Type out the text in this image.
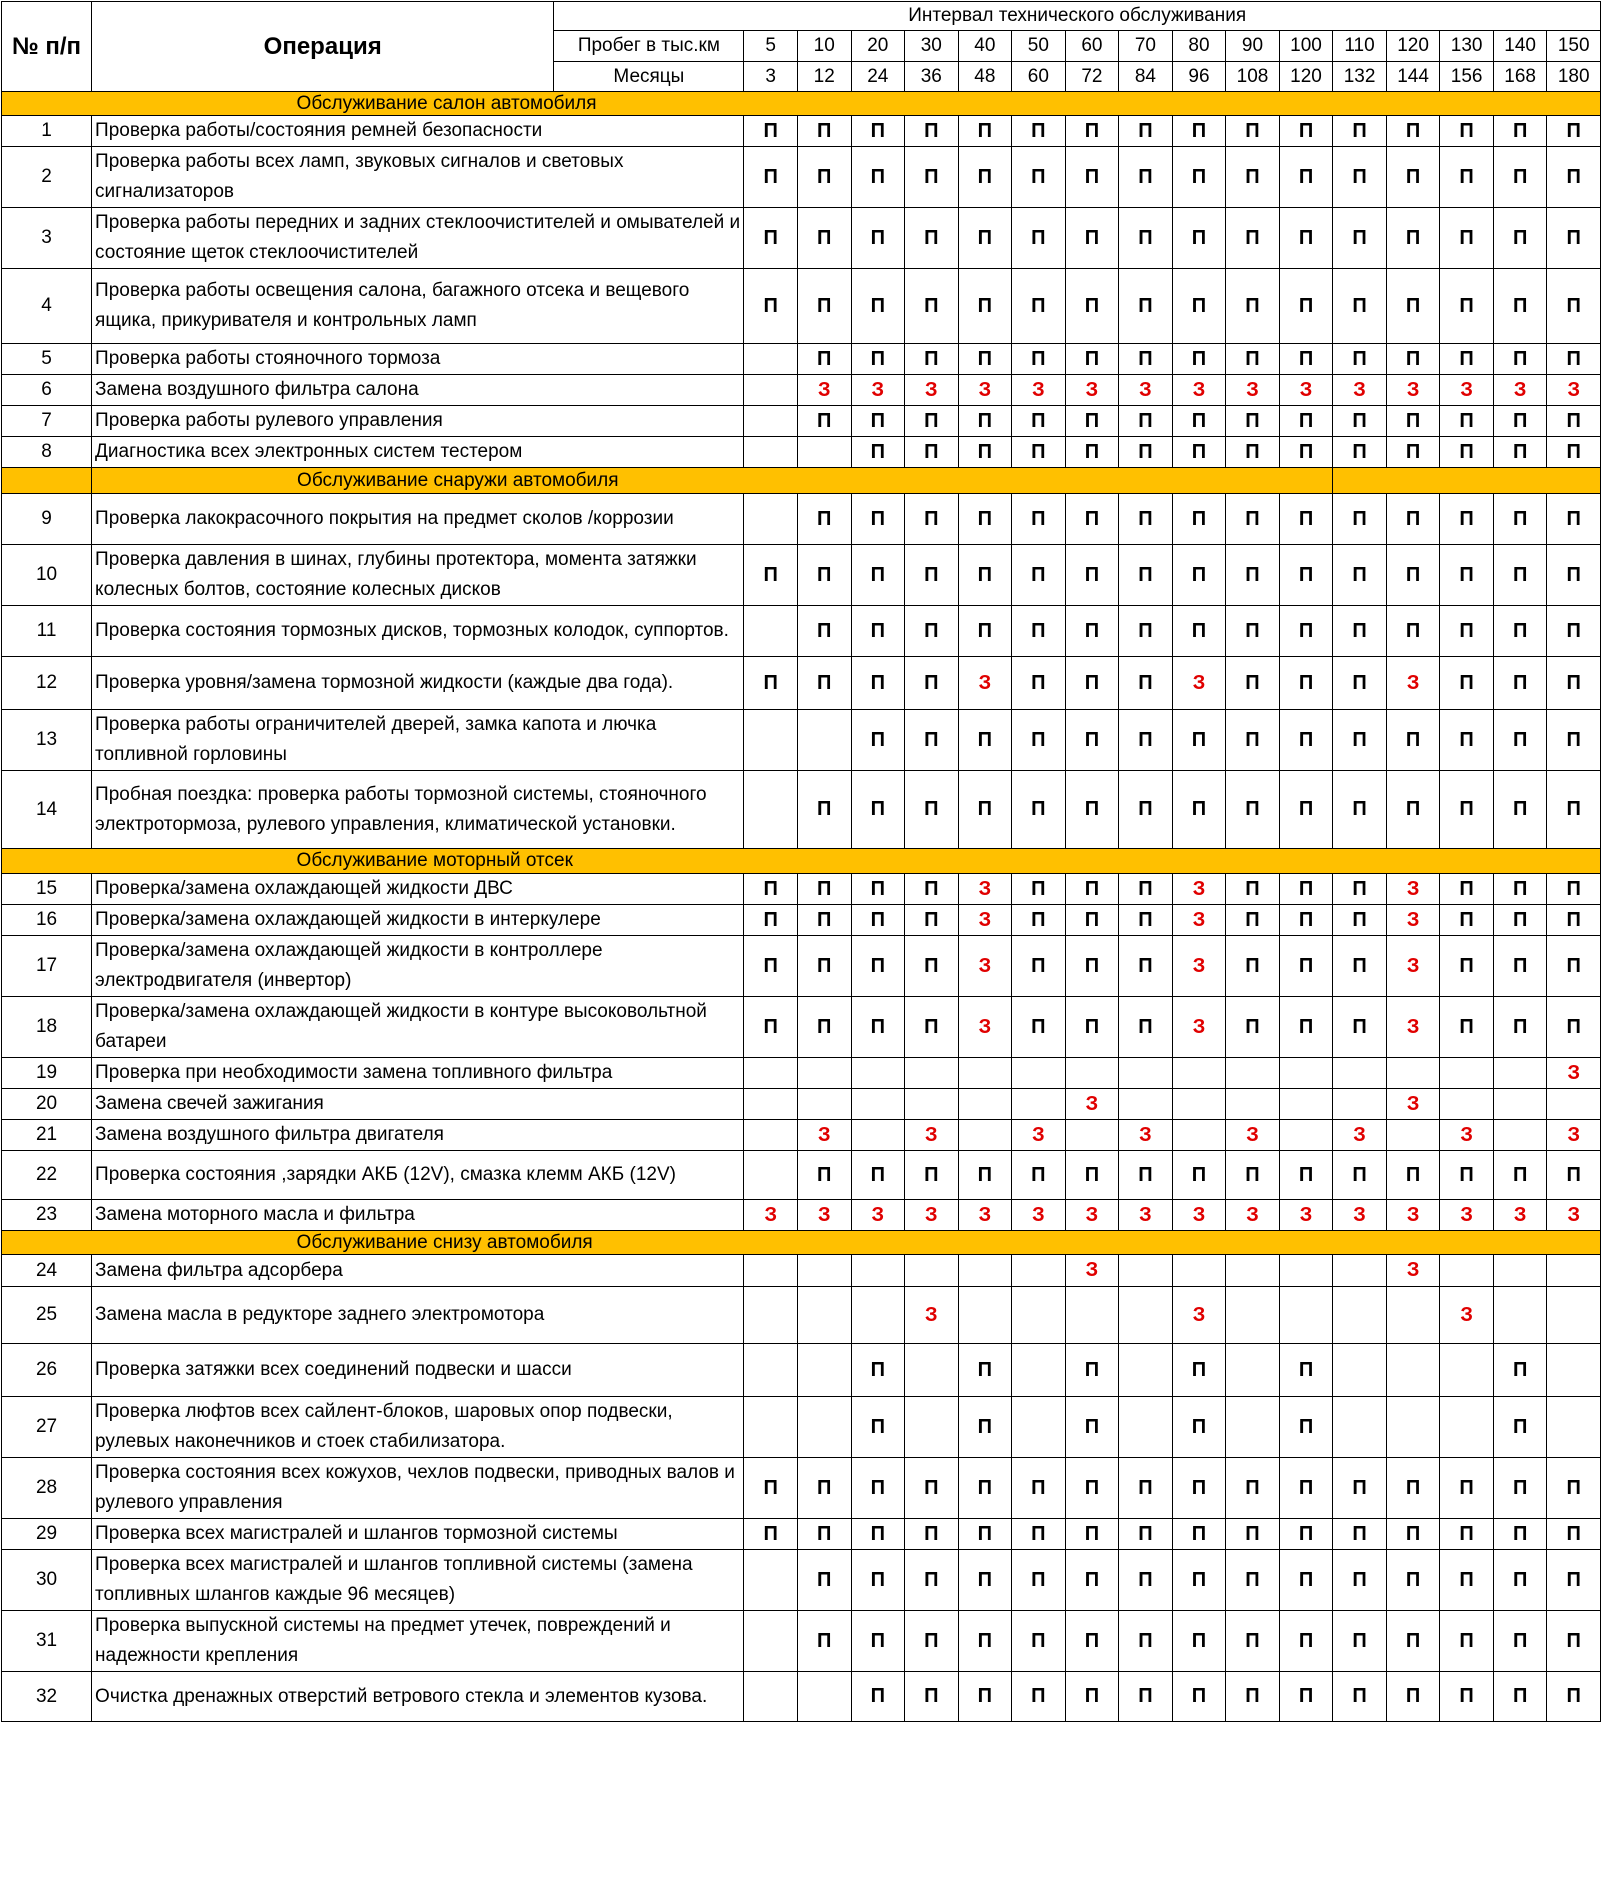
№ п/п	Операция	Интервал технического обслуживания																
		Пробег в тыс.км	5	10	20	30	40	50	60	70	80	90	100	110	120	130	140	150
		Месяцы	3	12	24	36	48	60	72	84	96	108	120	132	144	156	168	180
	Обслуживание салон автомобиля																	
1	Проверка работы/состояния ремней безопасности		П	П	П	П	П	П	П	П	П	П	П	П	П	П	П	П
2	Проверка работы всех ламп, звуковых сигналов и световых сигнализаторов		П	П	П	П	П	П	П	П	П	П	П	П	П	П	П	П
3	Проверка работы передних и задних стеклоочистителей и омывателей и состояние щеток стеклоочистителей		П	П	П	П	П	П	П	П	П	П	П	П	П	П	П	П
4	Проверка работы освещения салона, багажного отсека и вещевого ящика, прикуривателя и контрольных ламп		П	П	П	П	П	П	П	П	П	П	П	П	П	П	П	П
5	Проверка работы стояночного тормоза			П	П	П	П	П	П	П	П	П	П	П	П	П	П	П
6	Замена воздушного фильтра салона			З	З	З	З	З	З	З	З	З	З	З	З	З	З	З
7	Проверка работы рулевого управления			П	П	П	П	П	П	П	П	П	П	П	П	П	П	П
8	Диагностика всех электронных систем тестером				П	П	П	П	П	П	П	П	П	П	П	П	П	П
	Обслуживание снаружи автомобиля																	
9	Проверка лакокрасочного покрытия на предмет сколов /коррозии			П	П	П	П	П	П	П	П	П	П	П	П	П	П	П
10	Проверка давления в шинах, глубины протектора, момента затяжки колесных болтов, состояние колесных дисков		П	П	П	П	П	П	П	П	П	П	П	П	П	П	П	П
11	Проверка состояния тормозных дисков, тормозных колодок, суппортов.			П	П	П	П	П	П	П	П	П	П	П	П	П	П	П
12	Проверка уровня/замена тормозной жидкости (каждые два года).		П	П	П	П	З	П	П	П	З	П	П	П	З	П	П	П
13	Проверка работы ограничителей дверей, замка капота и лючка топливной горловины				П	П	П	П	П	П	П	П	П	П	П	П	П	П
14	Пробная поездка: проверка работы тормозной системы, стояночного электротормоза, рулевого управления, климатической установки.			П	П	П	П	П	П	П	П	П	П	П	П	П	П	П
	Обслуживание моторный отсек																	
15	Проверка/замена охлаждающей жидкости ДВС		П	П	П	П	З	П	П	П	З	П	П	П	З	П	П	П
16	Проверка/замена охлаждающей жидкости в интеркулере		П	П	П	П	З	П	П	П	З	П	П	П	З	П	П	П
17	Проверка/замена охлаждающей жидкости в контроллере электродвигателя (инвертор)		П	П	П	П	З	П	П	П	З	П	П	П	З	П	П	П
18	Проверка/замена охлаждающей жидкости в контуре высоковольтной батареи		П	П	П	П	З	П	П	П	З	П	П	П	З	П	П	П
19	Проверка при необходимости замена топливного фильтра																	З
20	Замена свечей зажигания								З						З			
21	Замена воздушного фильтра двигателя			З		З		З		З		З		З		З		З
22	Проверка состояния ,зарядки АКБ (12V), смазка клемм АКБ (12V)			П	П	П	П	П	П	П	П	П	П	П	П	П	П	П
23	Замена моторного масла и фильтра		З	З	З	З	З	З	З	З	З	З	З	З	З	З	З	З
	Обслуживание снизу автомобиля																	
24	Замена фильтра адсорбера								З						З			
25	Замена масла в редукторе заднего электромотора					З					З					З		
26	Проверка затяжки всех соединений подвески и шасси				П		П		П		П		П				П	
27	Проверка люфтов всех сайлент-блоков, шаровых опор подвески, рулевых наконечников и стоек стабилизатора.				П		П		П		П		П				П	
28	Проверка состояния всех кожухов, чехлов подвески, приводных валов и рулевого управления		П	П	П	П	П	П	П	П	П	П	П	П	П	П	П	П
29	Проверка всех магистралей и шлангов тормозной системы		П	П	П	П	П	П	П	П	П	П	П	П	П	П	П	П
30	Проверка всех магистралей и шлангов топливной системы (замена топливных шлангов каждые 96 месяцев)			П	П	П	П	П	П	П	П	П	П	П	П	П	П	П
31	Проверка выпускной системы на предмет утечек, повреждений и надежности крепления			П	П	П	П	П	П	П	П	П	П	П	П	П	П	П
32	Очистка дренажных отверстий ветрового стекла и элементов кузова.				П	П	П	П	П	П	П	П	П	П	П	П	П	П
